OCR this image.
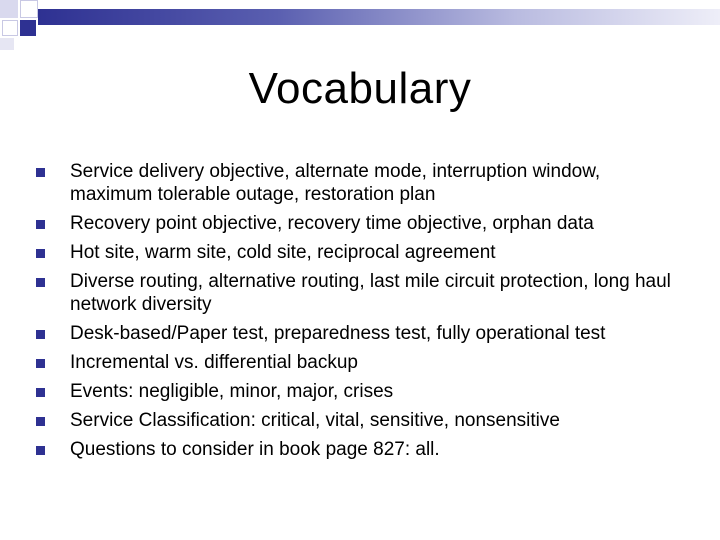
Vocabulary
Service delivery objective, alternate mode, interruption window, maximum tolerable outage, restoration plan
Recovery point objective, recovery time objective, orphan data
Hot site, warm site, cold site, reciprocal agreement
Diverse routing, alternative routing, last mile circuit protection, long haul network diversity
Desk-based/Paper test, preparedness test, fully operational test
Incremental vs. differential backup
Events: negligible, minor, major, crises
Service Classification: critical, vital, sensitive, nonsensitive
Questions to consider in book page 827: all.
